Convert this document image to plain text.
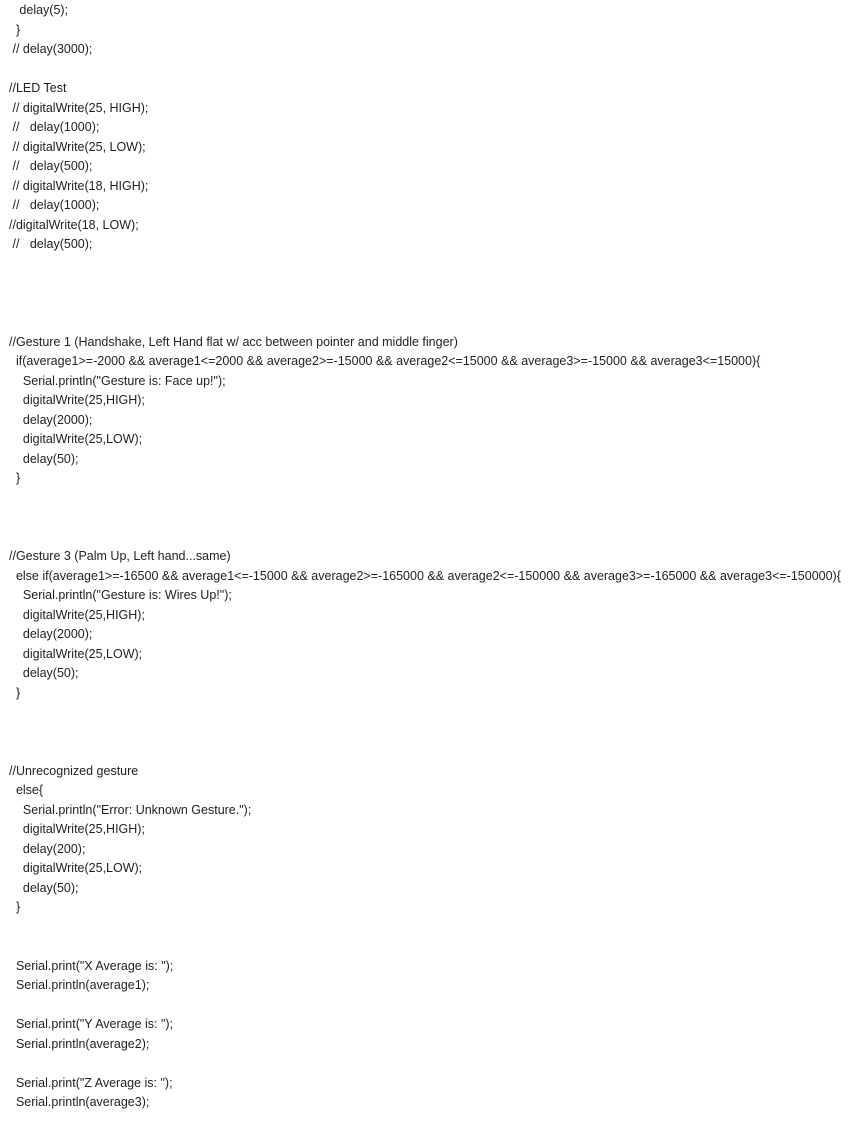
delay(5);
}
// delay(3000);
//LED Test
// digitalWrite(25, HIGH);
//   delay(1000);
// digitalWrite(25, LOW);
//   delay(500);
// digitalWrite(18, HIGH);
//   delay(1000);
//digitalWrite(18, LOW);
//   delay(500);
//Gesture 1 (Handshake, Left Hand flat w/ acc between pointer and middle finger)
if(average1>=-2000 && average1<=2000 && average2>=-15000 && average2<=15000 && average3>=-15000 && average3<=15000){
Serial.println("Gesture is: Face up!");
digitalWrite(25,HIGH);
delay(2000);
digitalWrite(25,LOW);
delay(50);
}
//Gesture 3 (Palm Up, Left hand...same)
else if(average1>=-16500 && average1<=-15000 && average2>=-165000 && average2<=-150000 && average3>=-165000 && average3<=-150000){
Serial.println("Gesture is: Wires Up!");
digitalWrite(25,HIGH);
delay(2000);
digitalWrite(25,LOW);
delay(50);
}
//Unrecognized gesture
else{
Serial.println("Error: Unknown Gesture.");
digitalWrite(25,HIGH);
delay(200);
digitalWrite(25,LOW);
delay(50);
}
Serial.print("X Average is: ");
Serial.println(average1);
Serial.print("Y Average is: ");
Serial.println(average2);
Serial.print("Z Average is: ");
Serial.println(average3);
